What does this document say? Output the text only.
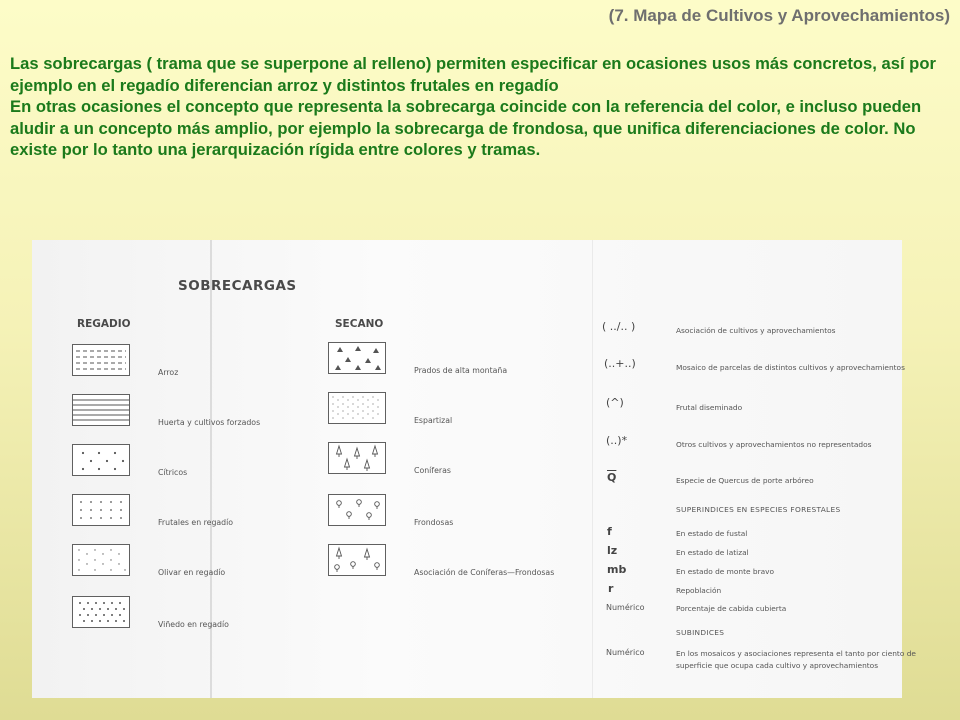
(7. Mapa de Cultivos y Aprovechamientos)

Las sobrecargas ( trama que se superpone al relleno) permiten especificar en ocasiones usos más concretos, así por ejemplo en el regadío diferencian arroz y distintos frutales en regadío

En otras ocasiones el concepto que representa la sobrecarga coincide con la referencia del color, e incluso pueden aludir a un concepto más amplio, por ejemplo la sobrecarga de frondosa, que unifica diferenciaciones de color. No existe por lo tanto una jerarquización rígida entre colores y tramas.

SOBRECARGAS
REGADIO
Arroz
Huerta y cultivos forzados
Cítricos
Frutales en regadío
Olivar en regadío
Viñedo en regadío
SECANO
Prados de alta montaña
Espartizal
Coníferas
Frondosas
Asociación de Coníferas—Frondosas
( ../.. )	Asociación de cultivos y aprovechamientos
(..+..)	Mosaico de parcelas de distintos cultivos y aprovechamientos
(^)	Frutal diseminado
(..)*	Otros cultivos y aprovechamientos no representados
$\overline{Q}$	Especie de Quercus de porte arbóreo
SUPERINDICES EN ESPECIES FORESTALES
f	En estado de fustal
lz	En estado de latizal
mb	En estado de monte bravo
r	Repoblación
Numérico	Porcentaje de cabida cubierta
SUBINDICES
Numérico	En los mosaicos y asociaciones representa el tanto por ciento de
superficie que ocupa cada cultivo y aprovechamientos
